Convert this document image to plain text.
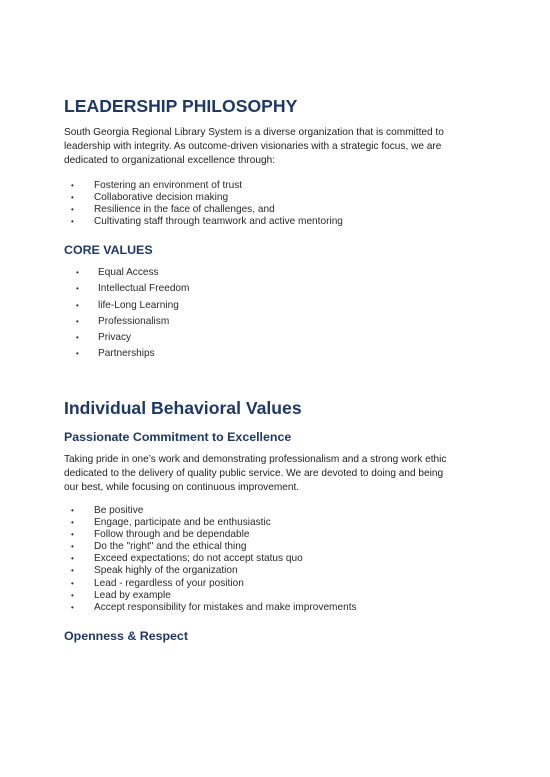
LEADERSHIP PHILOSOPHY

South Georgia Regional Library System is a diverse organization that is committed to
leadership with integrity. As outcome-driven visionaries with a strategic focus, we are
dedicated to organizational excellence through:

• Fostering an environment of trust
• Collaborative decision making
• Resilience in the face of challenges, and
• Cultivating staff through teamwork and active mentoring
CORE VALUES
• Equal Access
• Intellectual Freedom
• life-Long Learning
• Professionalism
• Privacy
• Partnerships
Individual Behavioral Values
Passionate Commitment to Excellence

Taking pride in one’s work and demonstrating professionalism and a strong work ethic
dedicated to the delivery of quality public service. We are devoted to doing and being
our best, while focusing on continuous improvement.

• Be positive
• Engage, participate and be enthusiastic
• Follow through and be dependable
• Do the "right" and the ethical thing
• Exceed expectations; do not accept status quo
• Speak highly of the organization
• Lead - regardless of your position
• Lead by example
• Accept responsibility for mistakes and make improvements
Openness & Respect
